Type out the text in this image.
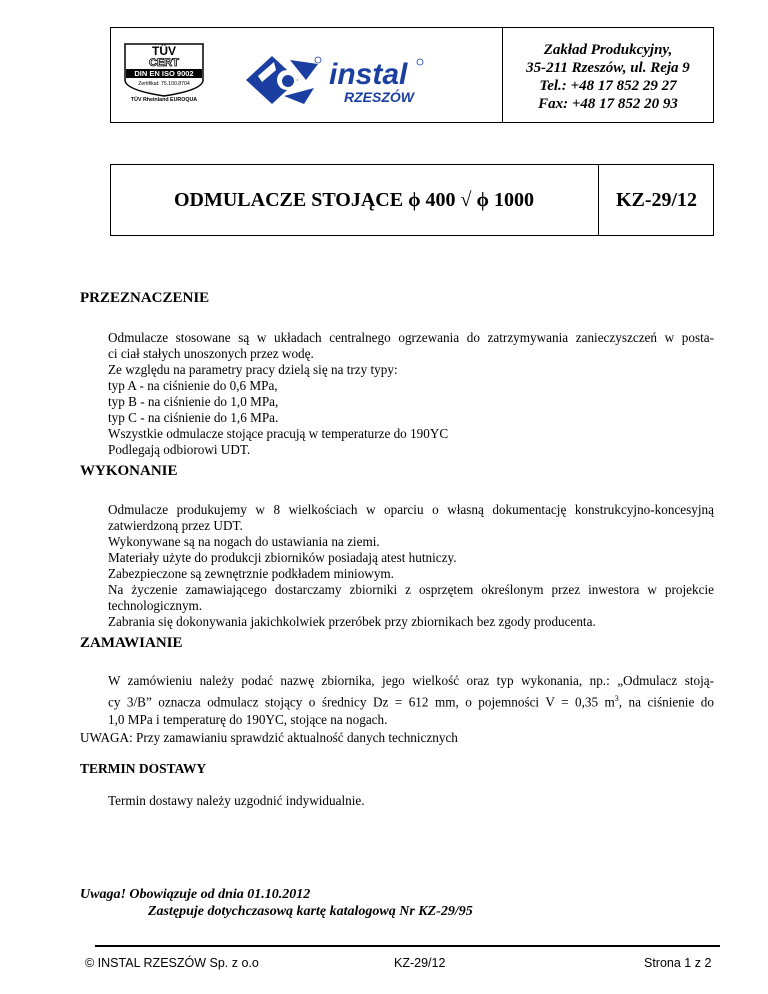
TÜV
CERT
DIN EN ISO 9002
Zertifikat: 75.100.8704
TÜV Rheinland EUROQUA
instal
RZESZÓW
Zakład Produkcyjny,
35-211 Rzeszów, ul. Reja 9
Tel.: +48 17 852 29 27
Fax: +48 17 852 20 93
ODMULACZE STOJĄCE ϕ 400 √ ϕ 1000	KZ-29/12
PRZEZNACZENIE
Odmulacze stosowane są w układach centralnego ogrzewania do zatrzymywania zanieczyszczeń w posta-
ci ciał stałych unoszonych przez wodę.
Ze względu na parametry pracy dzielą się na trzy typy:
typ A - na ciśnienie do 0,6 MPa,
typ B - na ciśnienie do 1,0 MPa,
typ C - na ciśnienie do 1,6 MPa.
Wszystkie odmulacze stojące pracują w temperaturze do 190ΥC
Podlegają odbiorowi UDT.
WYKONANIE
Odmulacze produkujemy w 8 wielkościach w oparciu o własną dokumentację konstrukcyjno-koncesyjną
zatwierdzoną przez UDT.
Wykonywane są na nogach do ustawiania na ziemi.
Materiały użyte do produkcji zbiorników posiadają atest hutniczy.
Zabezpieczone są zewnętrznie podkładem miniowym.
Na życzenie zamawiającego dostarczamy zbiorniki z osprzętem określonym przez inwestora w projekcie
technologicznym.
Zabrania się dokonywania jakichkolwiek przeróbek przy zbiornikach bez zgody producenta.
ZAMAWIANIE
W zamówieniu należy podać nazwę zbiornika, jego wielkość oraz typ wykonania, np.: „Odmulacz stoją-
cy 3/B” oznacza odmulacz stojący o średnicy Dz = 612 mm, o pojemności V = 0,35 $m^3$, na ciśnienie do
1,0 MPa i temperaturę do 190ΥC, stojące na nogach.
UWAGA: Przy zamawianiu sprawdzić aktualność danych technicznych
TERMIN DOSTAWY
Termin dostawy należy uzgodnić indywidualnie.
Uwaga! Obowiązuje od dnia 01.10.2012
Zastępuje dotychczasową kartę katalogową Nr KZ-29/95
© INSTAL RZESZÓW Sp. z o.o	KZ-29/12	Strona 1 z 2
